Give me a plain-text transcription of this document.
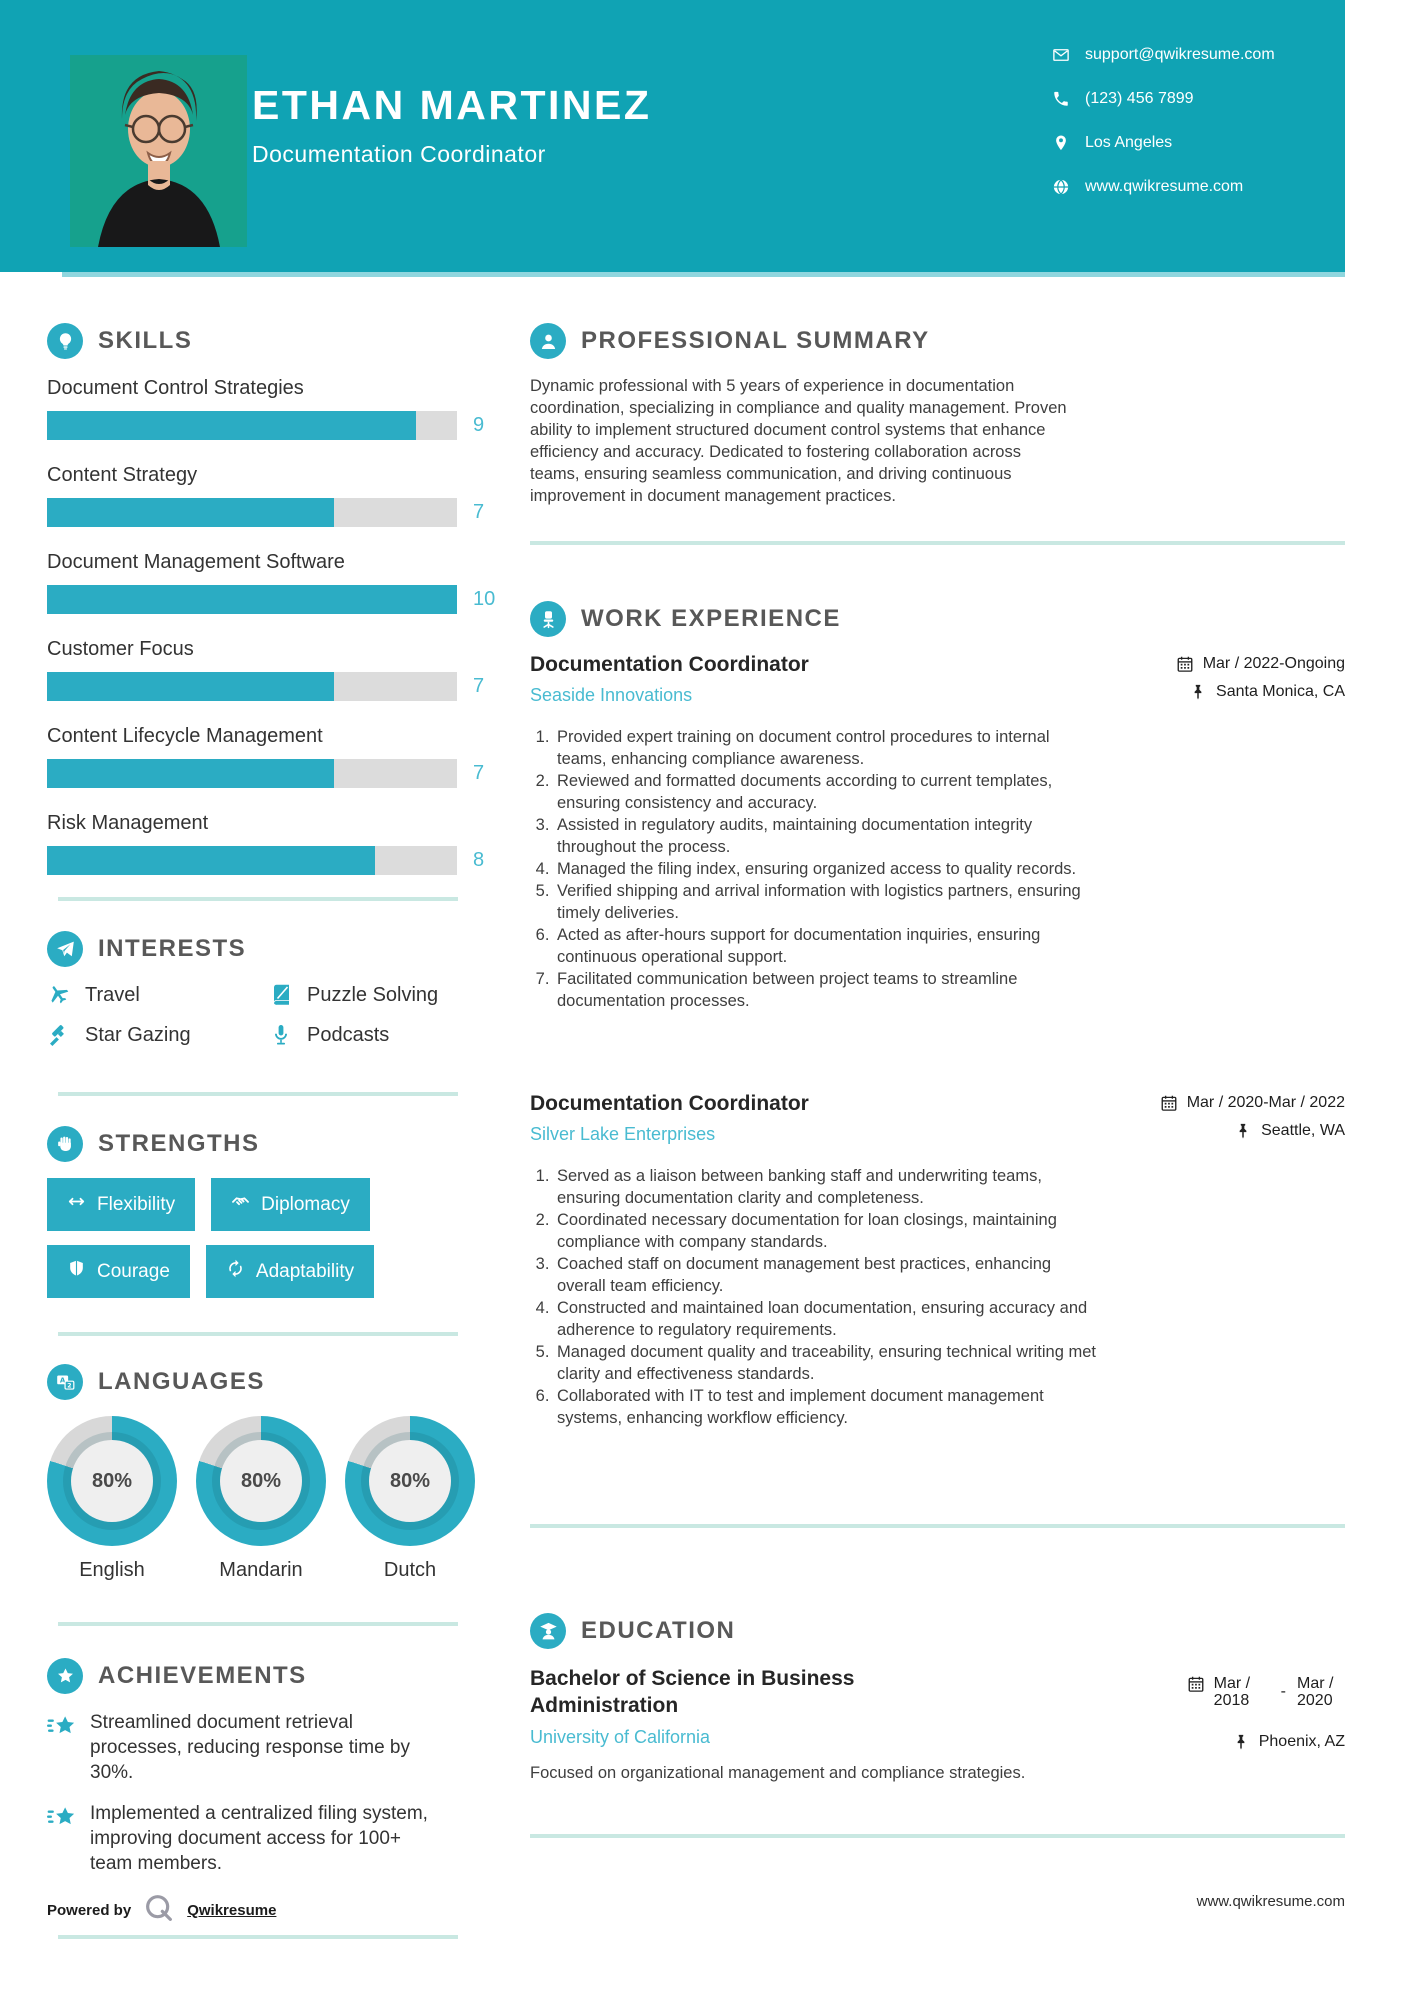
ETHAN MARTINEZ
Documentation Coordinator
support@qwikresume.com
(123) 456 7899
Los Angeles
www.qwikresume.com
SKILLS
Document Control Strategies
9
Content Strategy
7
Document Management Software
10
Customer Focus
7
Content Lifecycle Management
7
Risk Management
8
INTERESTS
Travel	Puzzle Solving
Star Gazing	Podcasts
STRENGTHS
Flexibility	Diplomacy
Courage	Adaptability
A
2 LANGUAGES
80%
English
80%
Mandarin
80%
Dutch
ACHIEVEMENTS
Streamlined document retrieval processes, reducing response time by 30%.
Implemented a centralized filing system, improving document access for 100+ team members.
Powered by	Qwikresume
PROFESSIONAL SUMMARY

Dynamic professional with 5 years of experience in documentation coordination, specializing in compliance and quality management. Proven ability to implement structured document control systems that enhance efficiency and accuracy. Dedicated to fostering collaboration across teams, ensuring seamless communication, and driving continuous improvement in document management practices.

WORK EXPERIENCE
Documentation Coordinator
Seaside Innovations
Mar / 2022-Ongoing
Santa Monica, CA
1. Provided expert training on document control procedures to internal teams, enhancing compliance awareness.
2. Reviewed and formatted documents according to current templates, ensuring consistency and accuracy.
3. Assisted in regulatory audits, maintaining documentation integrity throughout the process.
4. Managed the filing index, ensuring organized access to quality records.
5. Verified shipping and arrival information with logistics partners, ensuring timely deliveries.
6. Acted as after-hours support for documentation inquiries, ensuring continuous operational support.
7. Facilitated communication between project teams to streamline documentation processes.
Documentation Coordinator
Silver Lake Enterprises
Mar / 2020-Mar / 2022
Seattle, WA
1. Served as a liaison between banking staff and underwriting teams, ensuring documentation clarity and completeness.
2. Coordinated necessary documentation for loan closings, maintaining compliance with company standards.
3. Coached staff on document management best practices, enhancing overall team efficiency.
4. Constructed and maintained loan documentation, ensuring accuracy and adherence to regulatory requirements.
5. Managed document quality and traceability, ensuring technical writing met clarity and effectiveness standards.
6. Collaborated with IT to test and implement document management systems, enhancing workflow efficiency.
EDUCATION
Bachelor of Science in Business Administration
Mar / 2018
- Mar / 2020
Phoenix, AZ
University of California

Focused on organizational management and compliance strategies.

www.qwikresume.com
